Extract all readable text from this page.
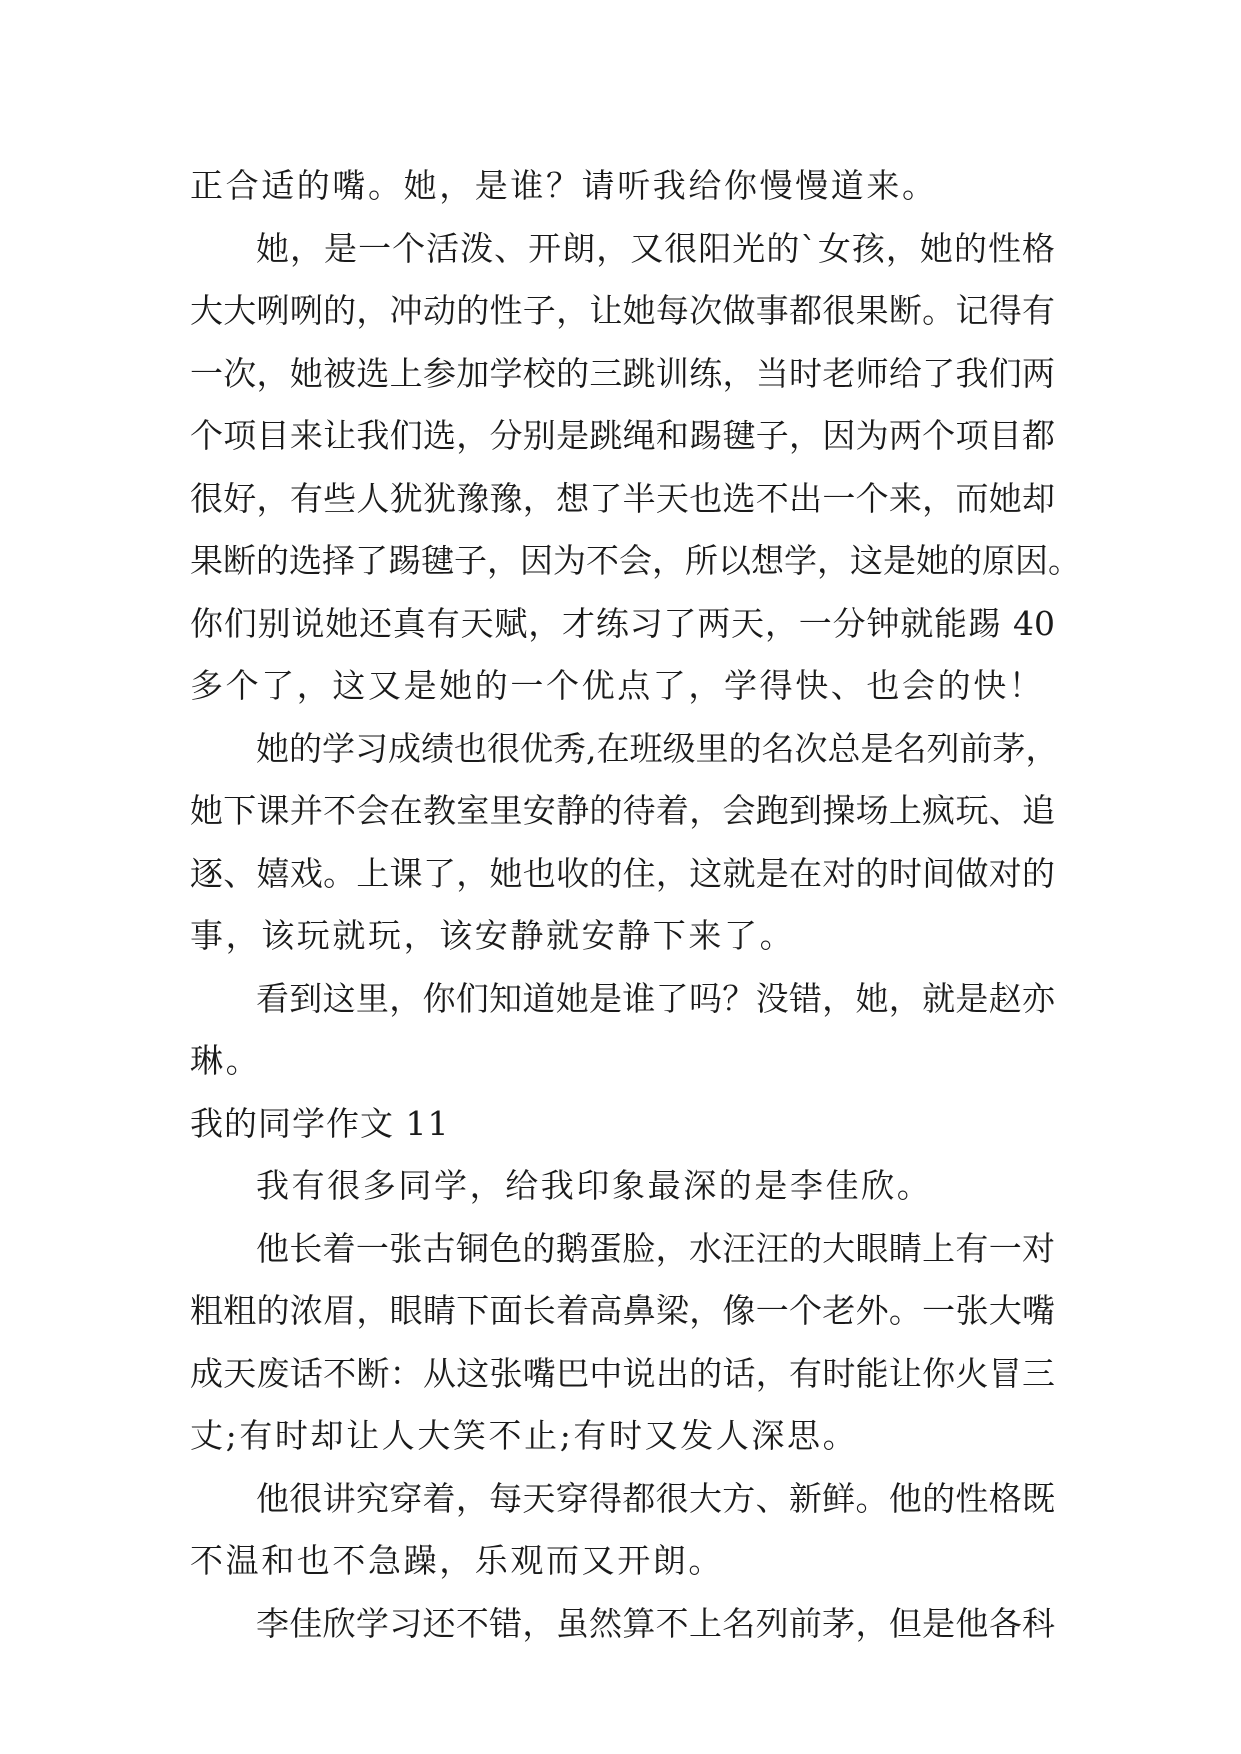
正合适的嘴。她，是谁？请听我给你慢慢道来。
她，是一个活泼、开朗，又很阳光的`女孩，她的性格
大大咧咧的，冲动的性子，让她每次做事都很果断。记得有
一次，她被选上参加学校的三跳训练，当时老师给了我们两
个项目来让我们选，分别是跳绳和踢毽子，因为两个项目都
很好，有些人犹犹豫豫，想了半天也选不出一个来，而她却
果断的选择了踢毽子，因为不会，所以想学，这是她的原因。
你们别说她还真有天赋，才练习了两天，一分钟就能踢 40
多个了，这又是她的一个优点了，学得快、也会的快！
她的学习成绩也很优秀,在班级里的名次总是名列前茅，
她下课并不会在教室里安静的待着，会跑到操场上疯玩、追
逐、嬉戏。上课了，她也收的住，这就是在对的时间做对的
事，该玩就玩，该安静就安静下来了。
看到这里，你们知道她是谁了吗？没错，她，就是赵亦
琳。
我的同学作文 11
我有很多同学，给我印象最深的是李佳欣。
他长着一张古铜色的鹅蛋脸，水汪汪的大眼睛上有一对
粗粗的浓眉，眼睛下面长着高鼻梁，像一个老外。一张大嘴
成天废话不断：从这张嘴巴中说出的话，有时能让你火冒三
丈;有时却让人大笑不止;有时又发人深思。
他很讲究穿着，每天穿得都很大方、新鲜。他的性格既
不温和也不急躁，乐观而又开朗。
李佳欣学习还不错，虽然算不上名列前茅，但是他各科
